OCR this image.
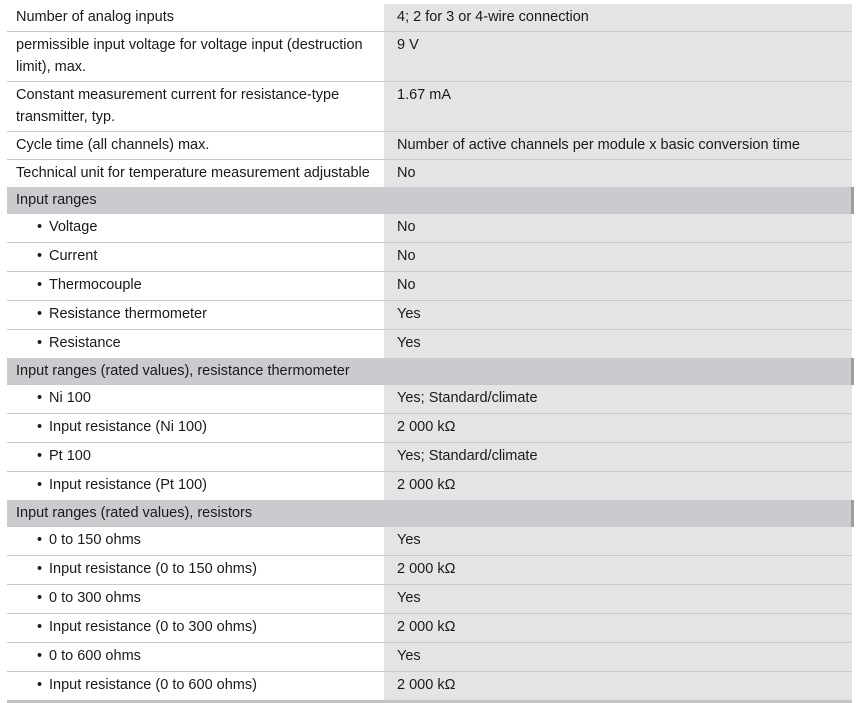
Number of analog inputs	4; 2 for 3 or 4-wire connection
permissible input voltage for voltage input (destruction limit), max.	9 V
Constant measurement current for resistance-type transmitter, typ.	1.67 mA
Cycle time (all channels) max.	Number of active channels per module x basic conversion time
Technical unit for temperature measurement adjustable	No
Input ranges	
• Voltage	No
• Current	No
• Thermocouple	No
• Resistance thermometer	Yes
• Resistance	Yes
Input ranges (rated values), resistance thermometer	
• Ni 100	Yes; Standard/climate
• Input resistance (Ni 100)	2 000 kΩ
• Pt 100	Yes; Standard/climate
• Input resistance (Pt 100)	2 000 kΩ
Input ranges (rated values), resistors	
• 0 to 150 ohms	Yes
• Input resistance (0 to 150 ohms)	2 000 kΩ
• 0 to 300 ohms	Yes
• Input resistance (0 to 300 ohms)	2 000 kΩ
• 0 to 600 ohms	Yes
• Input resistance (0 to 600 ohms)	2 000 kΩ
